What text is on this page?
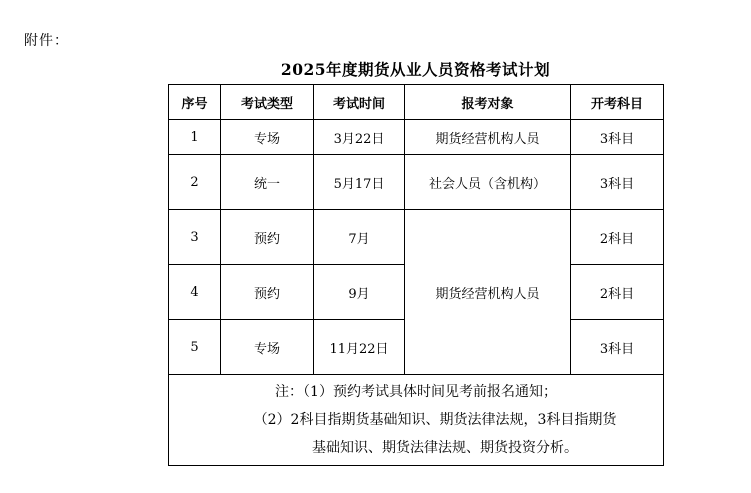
附件：
2025年度期货从业人员资格考试计划
序号	考试类型	考试时间	报考对象	开考科目
1	专场	3月22日	期货经营机构人员	3科目
2	统一	5月17日	社会人员（含机构）	3科目
3	预约	7月	期货经营机构人员	2科目
4	预约	9月		2科目
5	专场	11月22日		3科目

注：（1）预约考试具体时间见考前报名通知；
（2）2科目指期货基础知识、期货法律法规，3科目指期货
基础知识、期货法律法规、期货投资分析。				
